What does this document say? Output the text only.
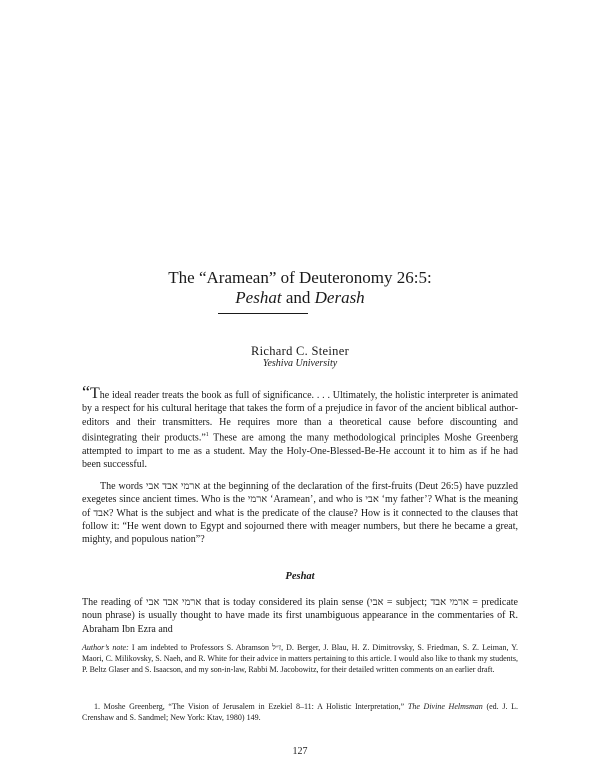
The “Aramean” of Deuteronomy 26:5:
Peshat and Derash
Richard C. Steiner
Yeshiva University

“The ideal reader treats the book as full of significance. . . . Ultimately, the holistic interpreter is animated by a respect for his cultural heritage that takes the form of a prejudice in favor of the ancient biblical author-editors and their transmitters. He requires more than a theoretical cause before discounting and disintegrating their products.”$^1$ These are among the many methodological principles Moshe Greenberg attempted to impart to me as a student. May the Holy-One-Blessed-Be-He account it to him as if he had been successful.

The words ארמי אבד אבי at the beginning of the declaration of the first-fruits (Deut 26:5) have puzzled exegetes since ancient times. Who is the ארמי ‘Aramean’, and who is אבי ‘my father’? What is the meaning of אבד? What is the subject and what is the predicate of the clause? How is it connected to the clauses that follow it: “He went down to Egypt and sojourned there with meager numbers, but there he became a great, mighty, and populous nation”?

Peshat

The reading of ארמי אבד אבי that is today considered its plain sense (אבי = subject; ארמי אבד = predicate noun phrase) is usually thought to have made its first unambiguous appearance in the commentaries of R. Abraham Ibn Ezra and

Author’s note: I am indebted to Professors S. Abramson ז״ל, D. Berger, J. Blau, H. Z. Dimitrovsky, S. Friedman, S. Z. Leiman, Y. Maori, C. Milikovsky, S. Naeh, and R. White for their advice in matters pertaining to this article. I would also like to thank my students, P. Beltz Glaser and S. Isaacson, and my son-in-law, Rabbi M. Jacobowitz, for their detailed written comments on an earlier draft.

1. Moshe Greenberg, “The Vision of Jerusalem in Ezekiel 8–11: A Holistic Interpretation,” The Divine Helmsman (ed. J. L. Crenshaw and S. Sandmel; New York: Ktav, 1980) 149.

127
